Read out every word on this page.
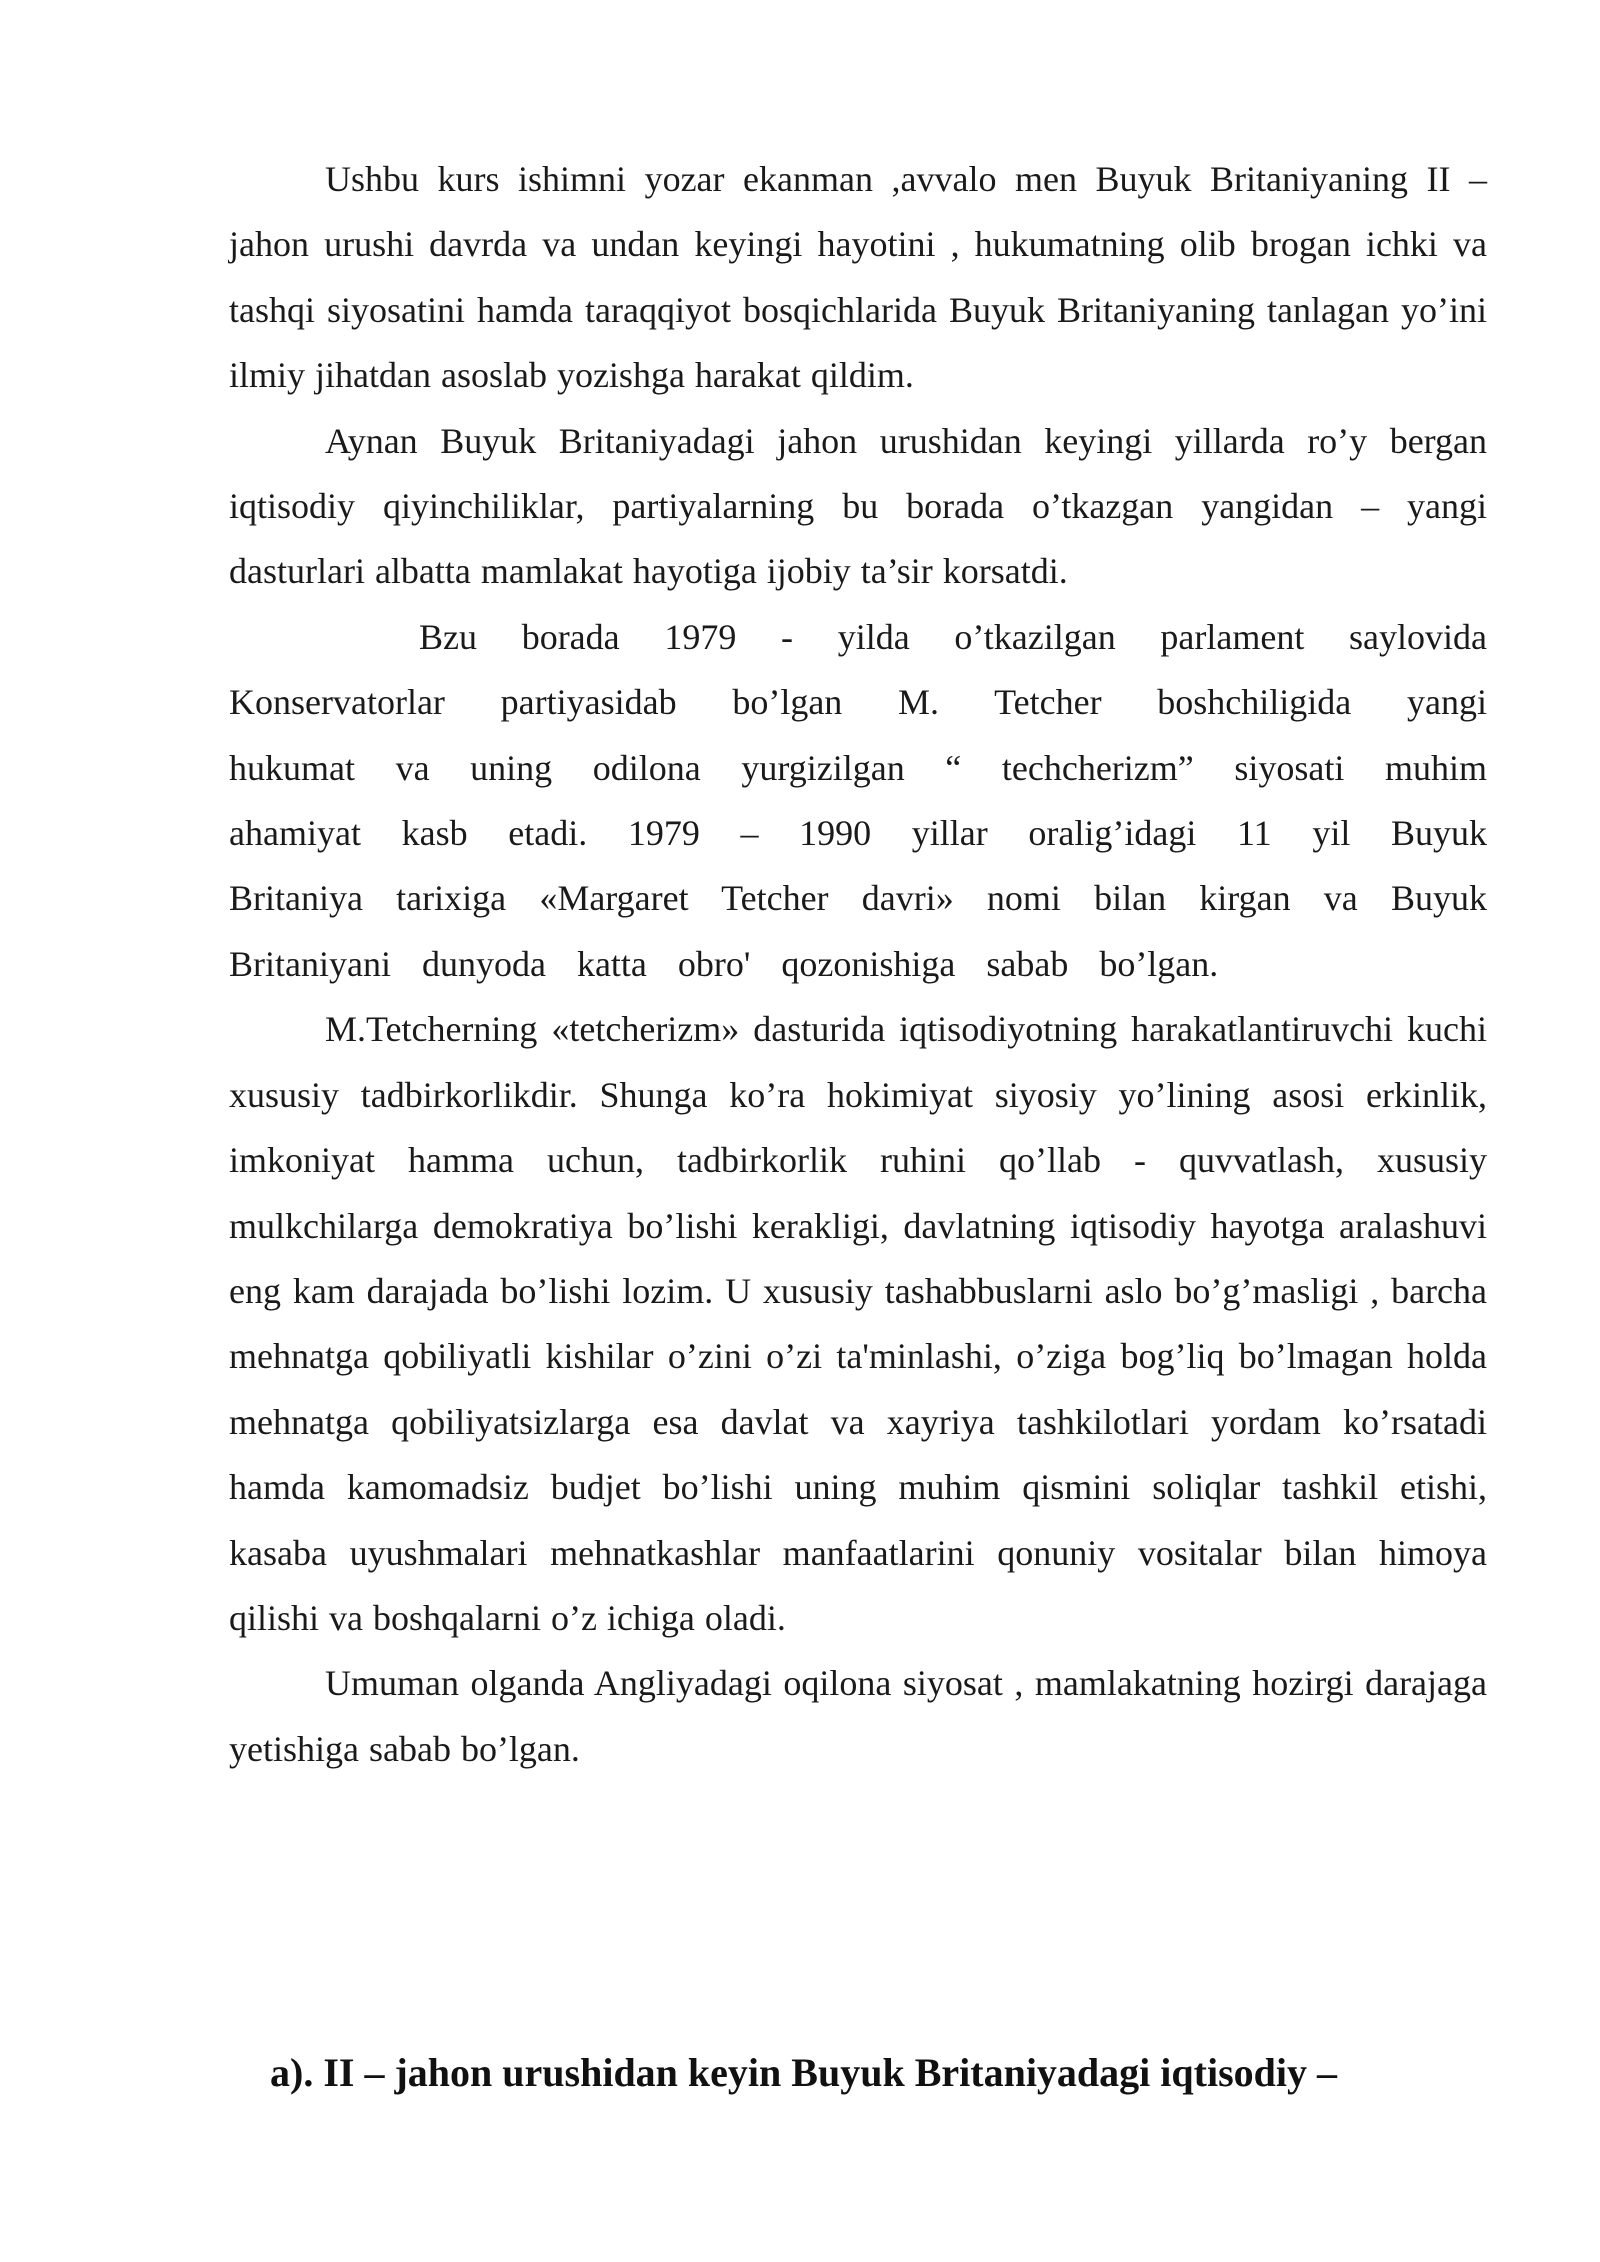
Ushbu kurs ishimni yozar ekanman ,avvalo men Buyuk Britaniyaning II – jahon urushi davrda va undan keyingi hayotini , hukumatning olib brogan ichki va tashqi siyosatini hamda taraqqiyot bosqichlarida Buyuk Britaniyaning tanlagan yo’ini ilmiy jihatdan asoslab yozishga harakat qildim.

Aynan Buyuk Britaniyadagi jahon urushidan keyingi yillarda ro’y bergan iqtisodiy qiyinchiliklar, partiyalarning bu borada o’tkazgan yangidan – yangi dasturlari albatta mamlakat hayotiga ijobiy ta’sir korsatdi.

Bzu borada 1979 - yilda o’tkazilgan parlament saylovida Konservatorlar partiyasidab bo’lgan M. Tetcher boshchiligida yangi hukumat va uning odilona yurgizilgan “ techcherizm” siyosati muhim ahamiyat kasb etadi. 1979 – 1990 yillar oralig’idagi 11 yil Buyuk Britaniya tarixiga «Margaret Tetcher davri» nomi bilan kirgan va Buyuk Britaniyani dunyoda katta obro' qozonishiga sabab bo’lgan.

M.Tetcherning «tetcherizm» dasturida iqtisodiyotning harakatlantiruvchi kuchi xususiy tadbirkorlikdir. Shunga ko’ra hokimiyat siyosiy yo’lining asosi erkinlik, imkoniyat hamma uchun, tadbirkorlik ruhini qo’llab - quvvatlash, xususiy mulkchilarga demokratiya bo’lishi kerakligi, davlatning iqtisodiy hayotga aralashuvi eng kam darajada bo’lishi lozim. U xususiy tashabbuslarni aslo bo’g’masligi , barcha mehnatga qobiliyatli kishilar o’zini o’zi ta'minlashi, o’ziga bog’liq bo’lmagan holda mehnatga qobiliyatsizlarga esa davlat va xayriya tashkilotlari yordam ko’rsatadi hamda kamomadsiz budjet bo’lishi uning muhim qismini soliqlar tashkil etishi, kasaba uyushmalari mehnatkashlar manfaatlarini qonuniy vositalar bilan himoya qilishi va boshqalarni o’z ichiga oladi.

Umuman olganda Angliyadagi oqilona siyosat , mamlakatning hozirgi darajaga yetishiga sabab bo’lgan.

a). II – jahon urushidan keyin Buyuk Britaniyadagi iqtisodiy –
